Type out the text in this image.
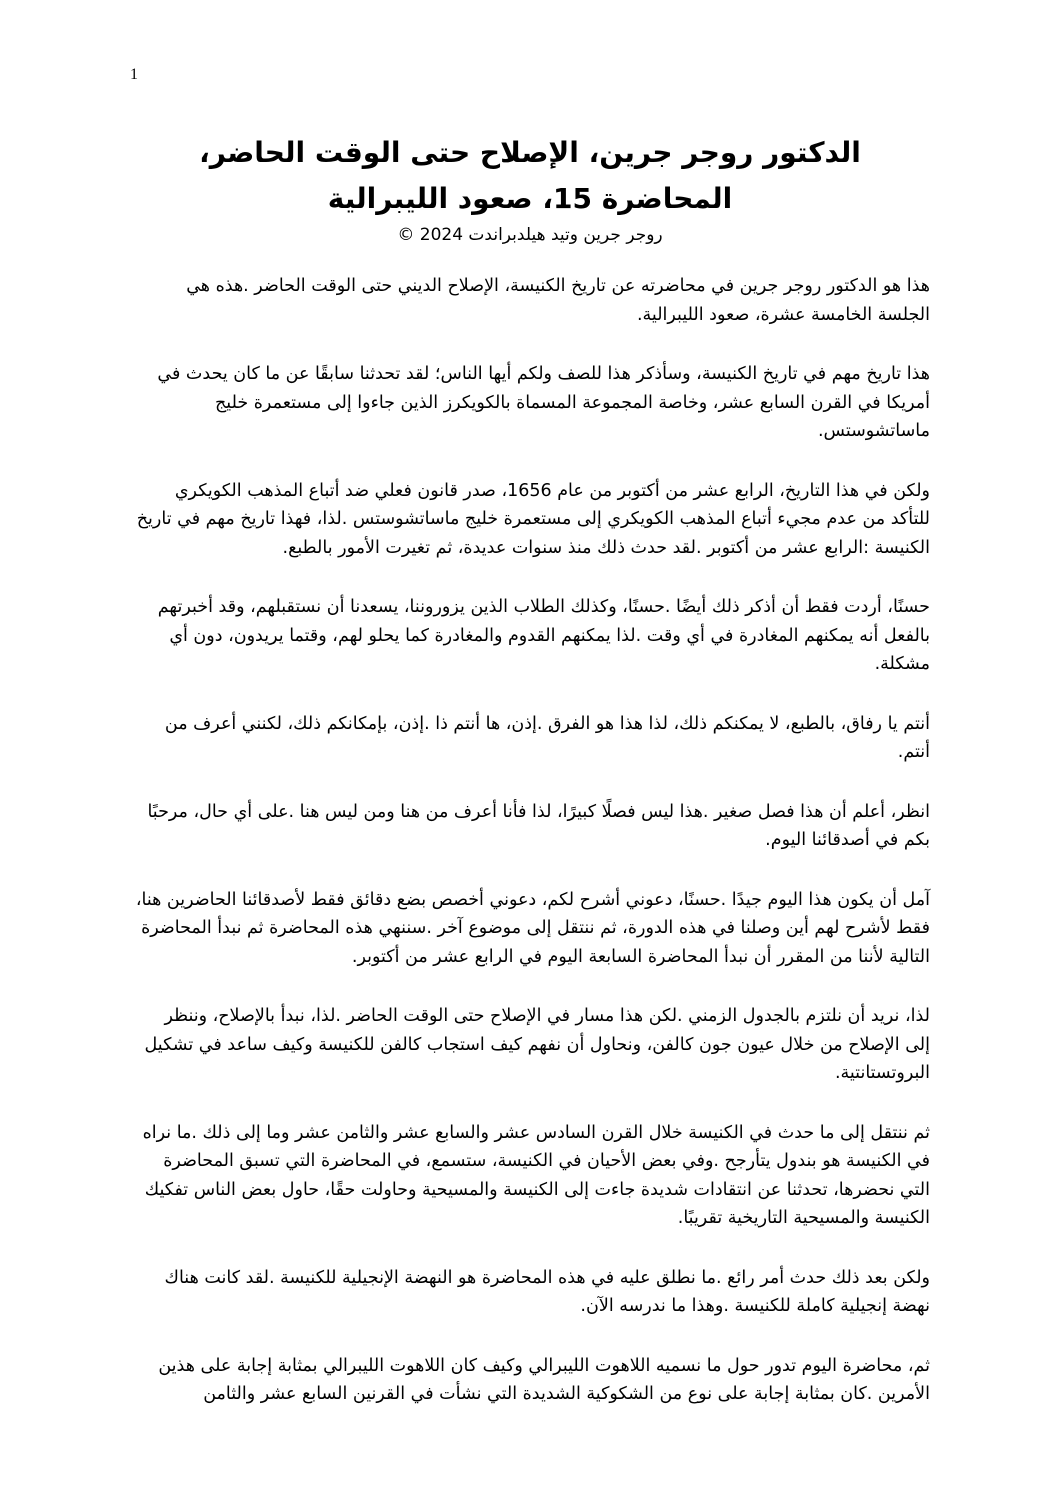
1
الدكتور روجر جرين، الإصلاح حتى الوقت الحاضر، المحاضرة 15، صعود الليبرالية
روجر جرين وتيد هيلدبراندت 2024 ©

هذا هو الدكتور روجر جرين في محاضرته عن تاريخ الكنيسة، الإصلاح الديني حتى الوقت الحاضر .هذه هي الجلسة الخامسة عشرة، صعود الليبرالية.

هذا تاريخ مهم في تاريخ الكنيسة، وسأذكر هذا للصف ولكم أيها الناس؛ لقد تحدثنا سابقًا عن ما كان يحدث في أمريكا في القرن السابع عشر، وخاصة المجموعة المسماة بالكويكرز الذين جاءوا إلى مستعمرة خليج ماساتشوستس.

ولكن في هذا التاريخ، الرابع عشر من أكتوبر من عام 1656، صدر قانون فعلي ضد أتباع المذهب الكويكري للتأكد من عدم مجيء أتباع المذهب الكويكري إلى مستعمرة خليج ماساتشوستس .لذا، فهذا تاريخ مهم في تاريخ الكنيسة :الرابع عشر من أكتوبر .لقد حدث ذلك منذ سنوات عديدة، ثم تغيرت الأمور بالطبع.

حسنًا، أردت فقط أن أذكر ذلك أيضًا .حسنًا، وكذلك الطلاب الذين يزوروننا، يسعدنا أن نستقبلهم، وقد أخبرتهم بالفعل أنه يمكنهم المغادرة في أي وقت .لذا يمكنهم القدوم والمغادرة كما يحلو لهم، وقتما يريدون، دون أي مشكلة.

أنتم يا رفاق، بالطبع، لا يمكنكم ذلك، لذا هذا هو الفرق .إذن، ها أنتم ذا .إذن، بإمكانكم ذلك، لكنني أعرف من أنتم.

انظر، أعلم أن هذا فصل صغير .هذا ليس فصلًا كبيرًا، لذا فأنا أعرف من هنا ومن ليس هنا .على أي حال، مرحبًا بكم في أصدقائنا اليوم.

آمل أن يكون هذا اليوم جيدًا .حسنًا، دعوني أشرح لكم، دعوني أخصص بضع دقائق فقط لأصدقائنا الحاضرين هنا، فقط لأشرح لهم أين وصلنا في هذه الدورة، ثم ننتقل إلى موضوع آخر .سننهي هذه المحاضرة ثم نبدأ المحاضرة التالية لأننا من المقرر أن نبدأ المحاضرة السابعة اليوم في الرابع عشر من أكتوبر.

لذا، نريد أن نلتزم بالجدول الزمني .لكن هذا مسار في الإصلاح حتى الوقت الحاضر .لذا، نبدأ بالإصلاح، وننظر إلى الإصلاح من خلال عيون جون كالفن، ونحاول أن نفهم كيف استجاب كالفن للكنيسة وكيف ساعد في تشكيل البروتستانتية.

ثم ننتقل إلى ما حدث في الكنيسة خلال القرن السادس عشر والسابع عشر والثامن عشر وما إلى ذلك .ما نراه في الكنيسة هو بندول يتأرجح .وفي بعض الأحيان في الكنيسة، ستسمع، في المحاضرة التي تسبق المحاضرة التي نحضرها، تحدثنا عن انتقادات شديدة جاءت إلى الكنيسة والمسيحية وحاولت حقًا، حاول بعض الناس تفكيك الكنيسة والمسيحية التاريخية تقريبًا.

ولكن بعد ذلك حدث أمر رائع .ما نطلق عليه في هذه المحاضرة هو النهضة الإنجيلية للكنيسة .لقد كانت هناك نهضة إنجيلية كاملة للكنيسة .وهذا ما ندرسه الآن.

ثم، محاضرة اليوم تدور حول ما نسميه اللاهوت الليبرالي وكيف كان اللاهوت الليبرالي بمثابة إجابة على هذين الأمرين .كان بمثابة إجابة على نوع من الشكوكية الشديدة التي نشأت في القرنين السابع عشر والثامن
